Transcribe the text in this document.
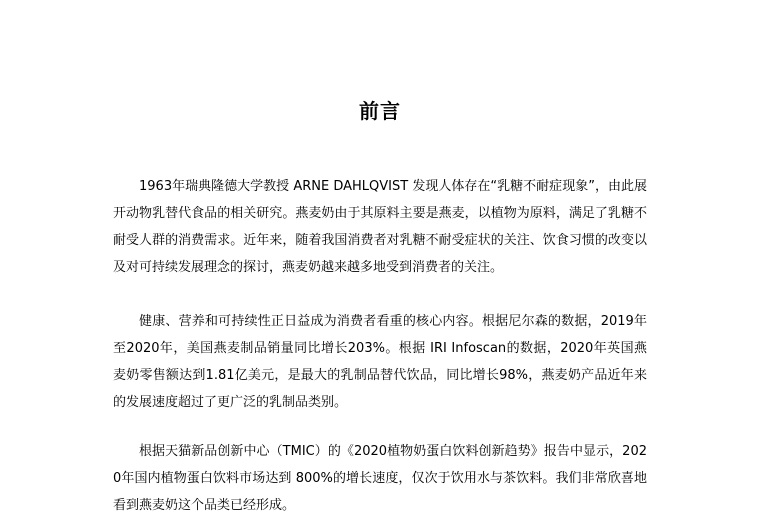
前言

1963年瑞典隆德大学教授 ARNE DAHLQVIST 发现人体存在“乳糖不耐症现象”，由此展开动物乳替代食品的相关研究。燕麦奶由于其原料主要是燕麦，以植物为原料，满足了乳糖不耐受人群的消费需求。近年来，随着我国消费者对乳糖不耐受症状的关注、饮食习惯的改变以及对可持续发展理念的探讨，燕麦奶越来越多地受到消费者的关注。

健康、营养和可持续性正日益成为消费者看重的核心内容。根据尼尔森的数据，2019年至2020年，美国燕麦制品销量同比增长203%。根据 IRI Infoscan的数据，2020年英国燕麦奶零售额达到1.81亿美元，是最大的乳制品替代饮品，同比增长98%，燕麦奶产品近年来的发展速度超过了更广泛的乳制品类别。

根据天猫新品创新中心（TMIC）的《2020植物奶蛋白饮料创新趋势》报告中显示，2020年国内植物蛋白饮料市场达到 800%的增长速度，仅次于饮用水与茶饮料。我们非常欣喜地看到燕麦奶这个品类已经形成。
